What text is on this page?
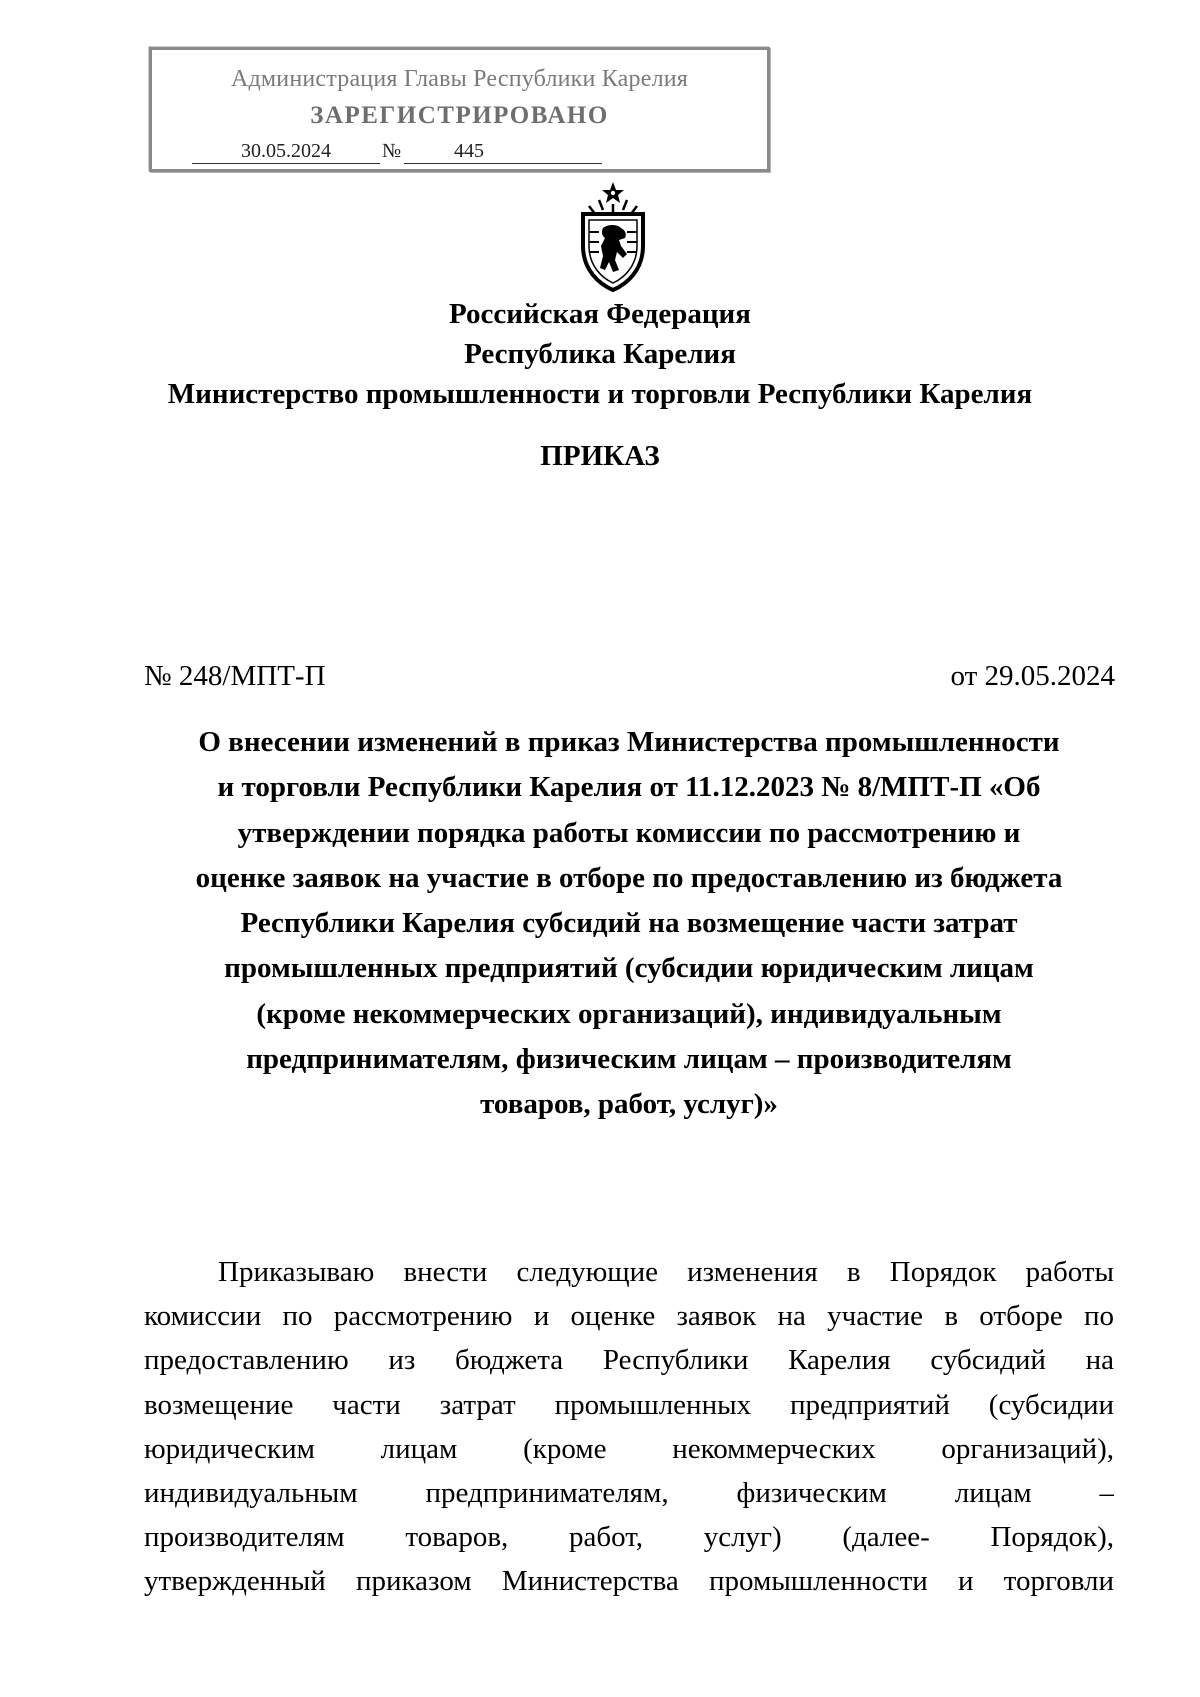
Администрация Главы Республики Карелия
ЗАРЕГИСТРИРОВАНО
30.05.2024	№	445
Российская Федерация
Республика Карелия
Министерство промышленности и торговли Республики Карелия
ПРИКАЗ
№ 248/МПТ-П	от 29.05.2024
О внесении изменений в приказ Министерства промышленности
и торговли Республики Карелия от 11.12.2023 № 8/МПТ-П «Об
утверждении порядка работы комиссии по рассмотрению и
оценке заявок на участие в отборе по предоставлению из бюджета
Республики Карелия субсидий на возмещение части затрат
промышленных предприятий (субсидии юридическим лицам
(кроме некоммерческих организаций), индивидуальным
предпринимателям, физическим лицам – производителям
товаров, работ, услуг)»
Приказываю внести следующие изменения в Порядок работы
комиссии по рассмотрению и оценке заявок на участие в отборе по
предоставлению из бюджета Республики Карелия субсидий на
возмещение части затрат промышленных предприятий (субсидии
юридическим лицам (кроме некоммерческих организаций),
индивидуальным предпринимателям, физическим лицам –
производителям товаров, работ, услуг) (далее- Порядок),
утвержденный приказом Министерства промышленности и торговли
